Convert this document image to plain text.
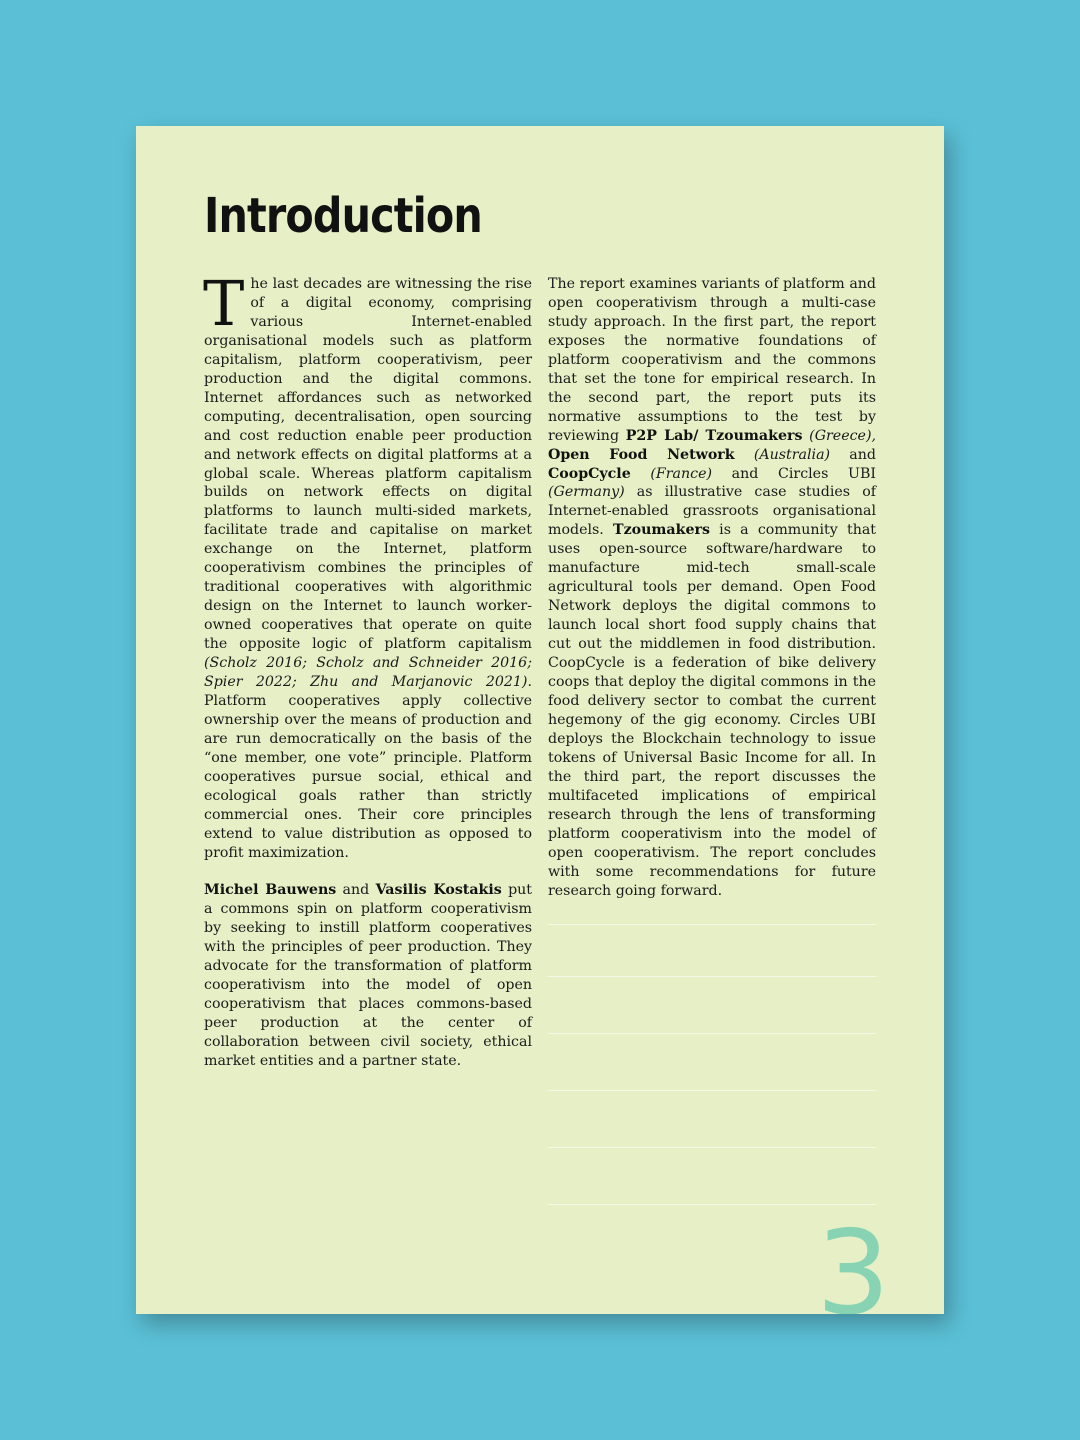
Introduction

The last decades are witnessing the rise of a digital economy, comprising various Internet-enabled organisational models such as platform capitalism, platform cooperativism, peer production and the digital commons. Internet affordances such as networked computing, decentralisation, open sourcing and cost reduction enable peer production and network effects on digital platforms at a global scale. Whereas platform capitalism builds on network effects on digital platforms to launch multi-sided markets, facilitate trade and capitalise on market exchange on the Internet, platform cooperativism combines the principles of traditional cooperatives with algorithmic design on the Internet to launch worker-owned cooperatives that operate on quite the opposite logic of platform capitalism (Scholz 2016; Scholz and Schneider 2016; Spier 2022; Zhu and Marjanovic 2021). Platform cooperatives apply collective ownership over the means of production and are run democratically on the basis of the “one member, one vote” principle. Platform cooperatives pursue social, ethical and ecological goals rather than strictly commercial ones. Their core principles extend to value distribution as opposed to profit maximization.

Michel Bauwens and Vasilis Kostakis put a commons spin on platform cooperativism by seeking to instill platform cooperatives with the principles of peer production. They advocate for the transformation of platform cooperativism into the model of open cooperativism that places commons-based peer production at the center of collaboration between civil society, ethical market entities and a partner state.

The report examines variants of platform and open cooperativism through a multi-case study approach. In the first part, the report exposes the normative foundations of platform cooperativism and the commons that set the tone for empirical research. In the second part, the report puts its normative assumptions to the test by reviewing P2P Lab/ Tzoumakers (Greece), Open Food Network (Australia) and CoopCycle (France) and Circles UBI (Germany) as illustrative case studies of Internet-enabled grassroots organisational models. Tzoumakers is a community that uses open-source software/hardware to manufacture mid-tech small-scale agricultural tools per demand. Open Food Network deploys the digital commons to launch local short food supply chains that cut out the middlemen in food distribution. CoopCycle is a federation of bike delivery coops that deploy the digital commons in the food delivery sector to combat the current hegemony of the gig economy. Circles UBI deploys the Blockchain technology to issue tokens of Universal Basic Income for all. In the third part, the report discusses the multifaceted implications of empirical research through the lens of transforming platform cooperativism into the model of open cooperativism. The report concludes with some recommendations for future research going forward.

3
